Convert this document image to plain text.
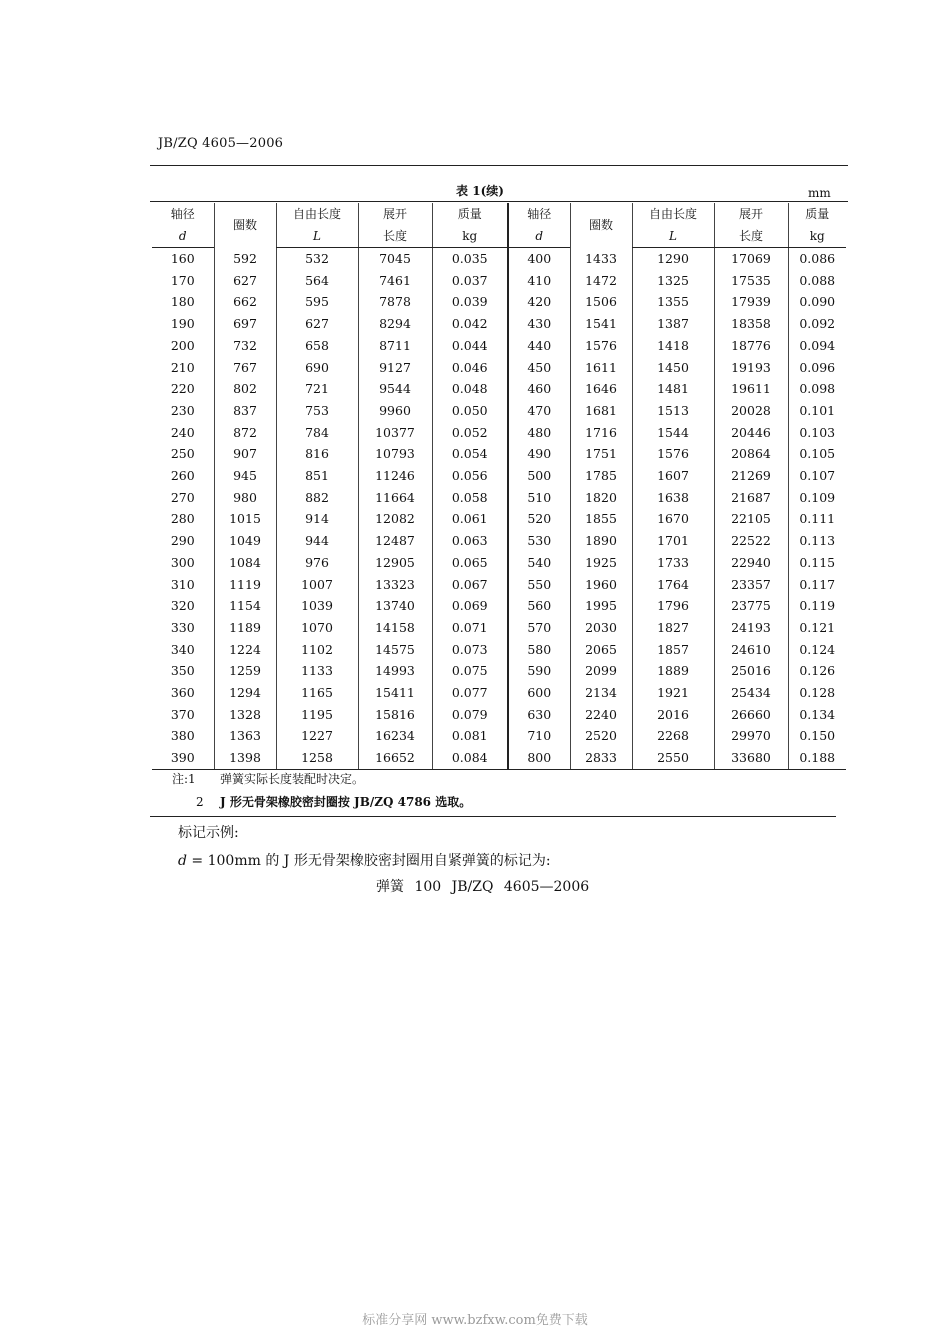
JB/ZQ 4605—2006
表 1(续)	mm
轴径	圈数	自由长度	展开	质量	轴径	圈数	自由长度	展开	质量
d		L	长度	kg	d		L	长度	kg
160	592	532	7045	0.035	400	1433	1290	17069	0.086
170	627	564	7461	0.037	410	1472	1325	17535	0.088
180	662	595	7878	0.039	420	1506	1355	17939	0.090
190	697	627	8294	0.042	430	1541	1387	18358	0.092
200	732	658	8711	0.044	440	1576	1418	18776	0.094
210	767	690	9127	0.046	450	1611	1450	19193	0.096
220	802	721	9544	0.048	460	1646	1481	19611	0.098
230	837	753	9960	0.050	470	1681	1513	20028	0.101
240	872	784	10377	0.052	480	1716	1544	20446	0.103
250	907	816	10793	0.054	490	1751	1576	20864	0.105
260	945	851	11246	0.056	500	1785	1607	21269	0.107
270	980	882	11664	0.058	510	1820	1638	21687	0.109
280	1015	914	12082	0.061	520	1855	1670	22105	0.111
290	1049	944	12487	0.063	530	1890	1701	22522	0.113
300	1084	976	12905	0.065	540	1925	1733	22940	0.115
310	1119	1007	13323	0.067	550	1960	1764	23357	0.117
320	1154	1039	13740	0.069	560	1995	1796	23775	0.119
330	1189	1070	14158	0.071	570	2030	1827	24193	0.121
340	1224	1102	14575	0.073	580	2065	1857	24610	0.124
350	1259	1133	14993	0.075	590	2099	1889	25016	0.126
360	1294	1165	15411	0.077	600	2134	1921	25434	0.128
370	1328	1195	15816	0.079	630	2240	2016	26660	0.134
380	1363	1227	16234	0.081	710	2520	2268	29970	0.150
390	1398	1258	16652	0.084	800	2833	2550	33680	0.188
注:1 弹簧实际长度装配时决定。
2 J 形无骨架橡胶密封圈按 JB/ZQ 4786 选取。
标记示例:
d = 100mm 的 J 形无骨架橡胶密封圈用自紧弹簧的标记为:
弹簧 100 JB/ZQ 4605—2006
标准分享网 www.bzfxw.com免费下载
